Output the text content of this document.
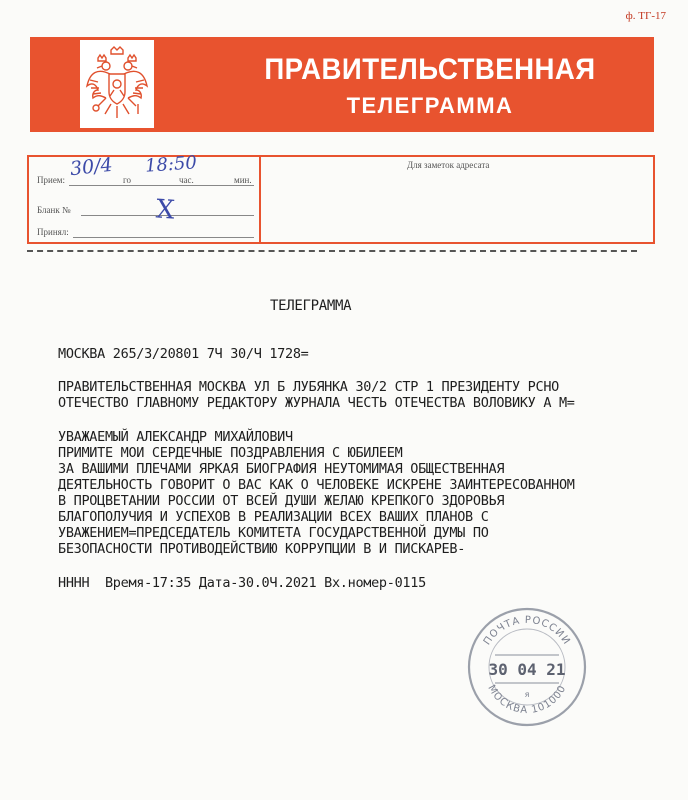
ф. ТГ-17
ПРАВИТЕЛЬСТВЕННАЯ
ТЕЛЕГРАММА
Прием:	го	час.	мин.
Бланк №
Принял:
Для заметок адресата
30/4 18:50
Х
ТЕЛЕГРАММА
МОСКВА 265/3/20801 7Ч 30/Ч 1728=
ПРАВИТЕЛЬСТВЕННАЯ МОСКВА УЛ Б ЛУБЯНКА 30/2 СТР 1 ПРЕЗИДЕНТУ РСНО
ОТЕЧЕСТВО ГЛАВНОМУ РЕДАКТОРУ ЖУРНАЛА ЧЕСТЬ ОТЕЧЕСТВА ВОЛОВИКУ А М=
УВАЖАЕМЫЙ АЛЕКСАНДР МИХАЙЛОВИЧ
ПРИМИТЕ МОИ СЕРДЕЧНЫЕ ПОЗДРАВЛЕНИЯ С ЮБИЛЕЕМ
ЗА ВАШИМИ ПЛЕЧАМИ ЯРКАЯ БИОГРАФИЯ НЕУТОМИМАЯ ОБЩЕСТВЕННАЯ
ДЕЯТЕЛЬНОСТЬ ГОВОРИТ О ВАС КАК О ЧЕЛОВЕКЕ ИСКРЕНЕ ЗАИНТЕРЕСОВАННОМ
В ПРОЦВЕТАНИИ РОССИИ ОТ ВСЕЙ ДУШИ ЖЕЛАЮ КРЕПКОГО ЗДОРОВЬЯ
БЛАГОПОЛУЧИЯ И УСПЕХОВ В РЕАЛИЗАЦИИ ВСЕХ ВАШИХ ПЛАНОВ С
УВАЖЕНИЕМ=ПРЕДСЕДАТЕЛЬ КОМИТЕТА ГОСУДАРСТВЕННОЙ ДУМЫ ПО
БЕЗОПАСНОСТИ ПРОТИВОДЕЙСТВИЮ КОРРУПЦИИ В И ПИСКАРЕВ-
НННН  Время-17:35 Дата-30.0Ч.2021 Вх.номер-0115
ПОЧТА РОССИИ
МОСКВА 101000
30 04 21
я
